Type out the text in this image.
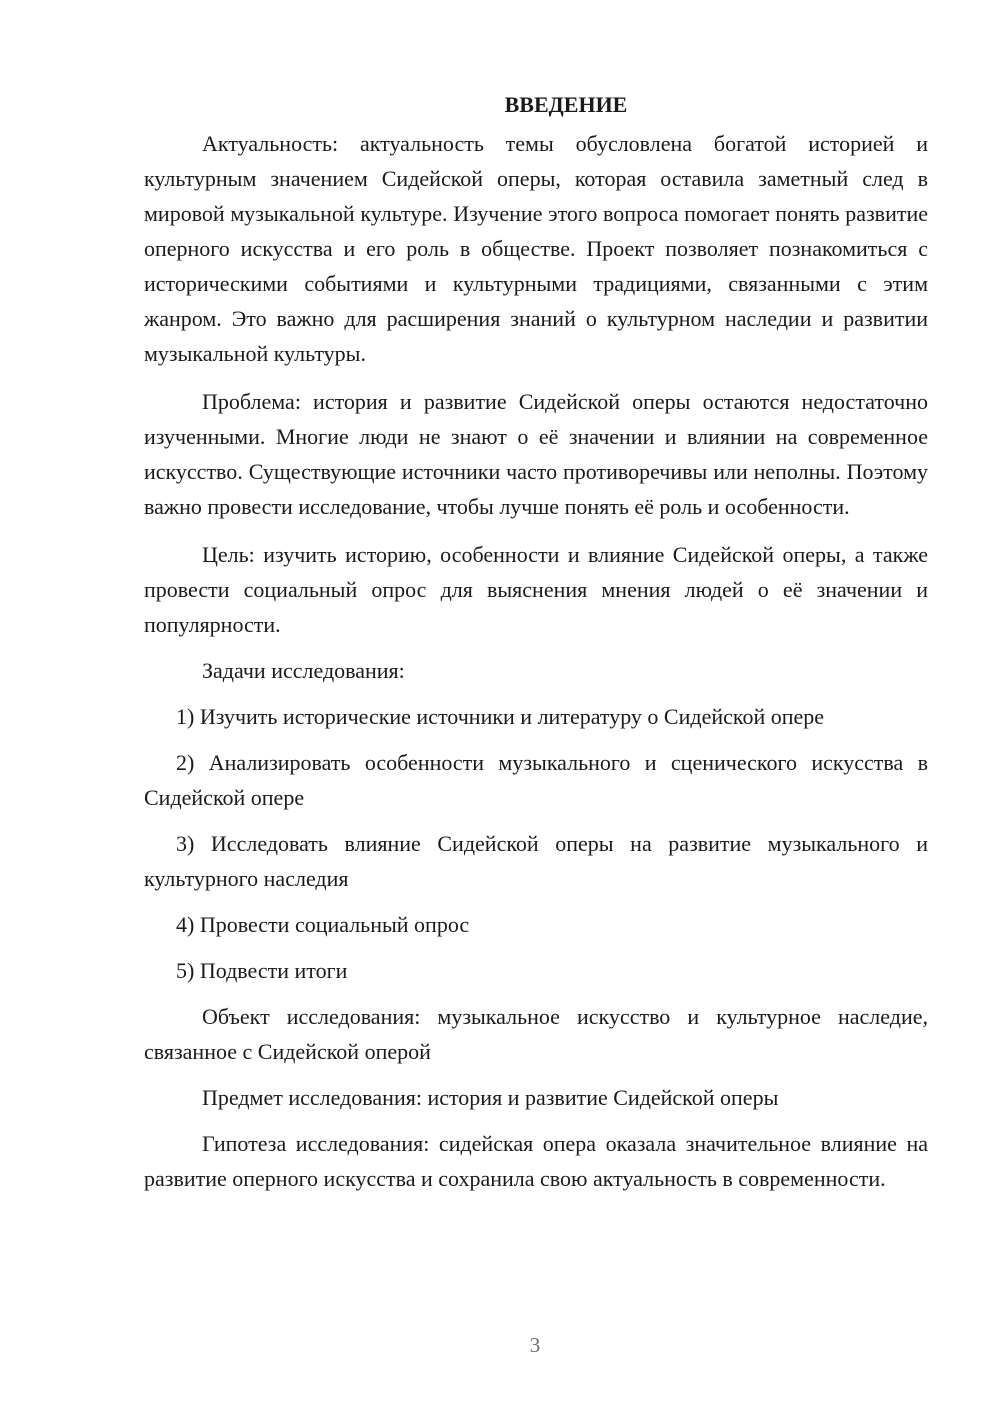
ВВЕДЕНИЕ

Актуальность: актуальность темы обусловлена богатой историей и культурным значением Сидейской оперы, которая оставила заметный след в мировой музыкальной культуре. Изучение этого вопроса помогает понять развитие оперного искусства и его роль в обществе. Проект позволяет познакомиться с историческими событиями и культурными традициями, связанными с этим жанром. Это важно для расширения знаний о культурном наследии и развитии музыкальной культуры.

Проблема: история и развитие Сидейской оперы остаются недостаточно изученными. Многие люди не знают о её значении и влиянии на современное искусство. Существующие источники часто противоречивы или неполны. Поэтому важно провести исследование, чтобы лучше понять её роль и особенности.

Цель: изучить историю, особенности и влияние Сидейской оперы, а также провести социальный опрос для выяснения мнения людей о её значении и популярности.

Задачи исследования:

1) Изучить исторические источники и литературу о Сидейской опере

2) Анализировать особенности музыкального и сценического искусства в Сидейской опере

3) Исследовать влияние Сидейской оперы на развитие музыкального и культурного наследия

4) Провести социальный опрос

5) Подвести итоги

Объект исследования: музыкальное искусство и культурное наследие, связанное с Сидейской оперой

Предмет исследования: история и развитие Сидейской оперы

Гипотеза исследования: сидейская опера оказала значительное влияние на развитие оперного искусства и сохранила свою актуальность в современности.

3
